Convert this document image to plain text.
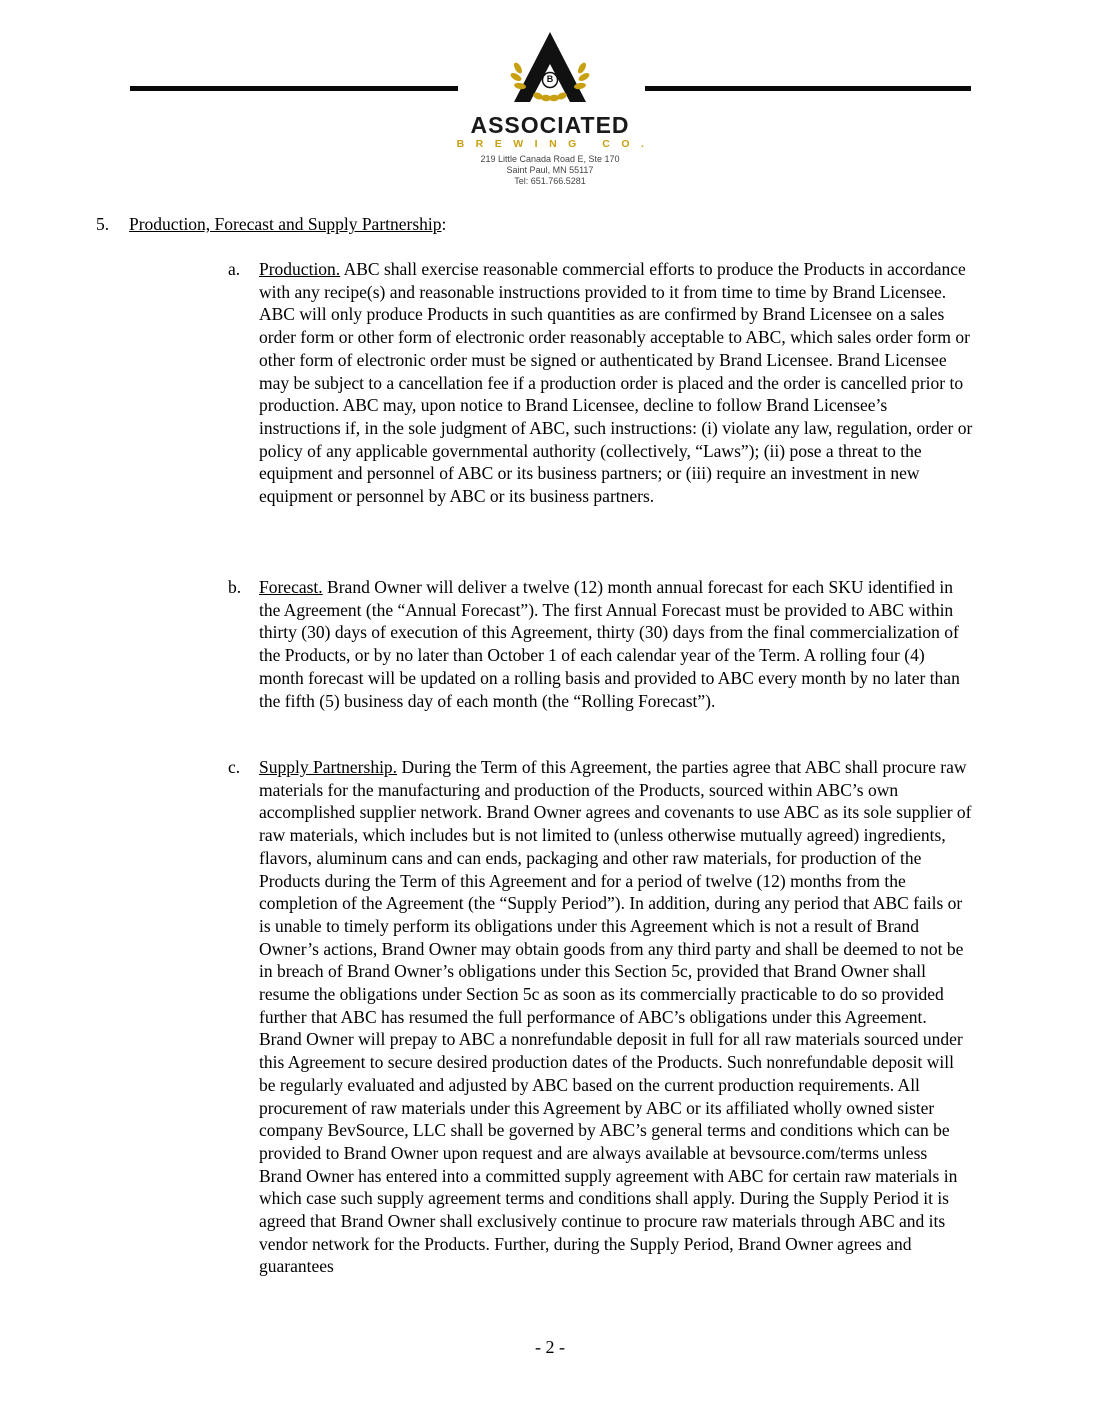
B
ASSOCIATED
BREWING CO.
219 Little Canada Road E, Ste 170
Saint Paul, MN 55117
Tel: 651.766.5281
5. Production, Forecast and Supply Partnership:
a. Production. ABC shall exercise reasonable commercial efforts to produce the Products in accordance with any recipe(s) and reasonable instructions provided to it from time to time by Brand Licensee. ABC will only produce Products in such quantities as are confirmed by Brand Licensee on a sales order form or other form of electronic order reasonably acceptable to ABC, which sales order form or other form of electronic order must be signed or authenticated by Brand Licensee. Brand Licensee may be subject to a cancellation fee if a production order is placed and the order is cancelled prior to production. ABC may, upon notice to Brand Licensee, decline to follow Brand Licensee’s instructions if, in the sole judgment of ABC, such instructions: (i) violate any law, regulation, order or policy of any applicable governmental authority (collectively, “Laws”); (ii) pose a threat to the equipment and personnel of ABC or its business partners; or (iii) require an investment in new equipment or personnel by ABC or its business partners.
b. Forecast. Brand Owner will deliver a twelve (12) month annual forecast for each SKU identified in the Agreement (the “Annual Forecast”). The first Annual Forecast must be provided to ABC within thirty (30) days of execution of this Agreement, thirty (30) days from the final commercialization of the Products, or by no later than October 1 of each calendar year of the Term. A rolling four (4) month forecast will be updated on a rolling basis and provided to ABC every month by no later than the fifth (5) business day of each month (the “Rolling Forecast”).
c. Supply Partnership. During the Term of this Agreement, the parties agree that ABC shall procure raw materials for the manufacturing and production of the Products, sourced within ABC’s own accomplished supplier network. Brand Owner agrees and covenants to use ABC as its sole supplier of raw materials, which includes but is not limited to (unless otherwise mutually agreed) ingredients, flavors, aluminum cans and can ends, packaging and other raw materials, for production of the Products during the Term of this Agreement and for a period of twelve (12) months from the completion of the Agreement (the “Supply Period”). In addition, during any period that ABC fails or is unable to timely perform its obligations under this Agreement which is not a result of Brand Owner’s actions, Brand Owner may obtain goods from any third party and shall be deemed to not be in breach of Brand Owner’s obligations under this Section 5c, provided that Brand Owner shall resume the obligations under Section 5c as soon as its commercially practicable to do so provided further that ABC has resumed the full performance of ABC’s obligations under this Agreement. Brand Owner will prepay to ABC a nonrefundable deposit in full for all raw materials sourced under this Agreement to secure desired production dates of the Products. Such nonrefundable deposit will be regularly evaluated and adjusted by ABC based on the current production requirements. All procurement of raw materials under this Agreement by ABC or its affiliated wholly owned sister company BevSource, LLC shall be governed by ABC’s general terms and conditions which can be provided to Brand Owner upon request and are always available at bevsource.com/terms unless Brand Owner has entered into a committed supply agreement with ABC for certain raw materials in which case such supply agreement terms and conditions shall apply. During the Supply Period it is agreed that Brand Owner shall exclusively continue to procure raw materials through ABC and its vendor network for the Products. Further, during the Supply Period, Brand Owner agrees and guarantees
- 2 -
